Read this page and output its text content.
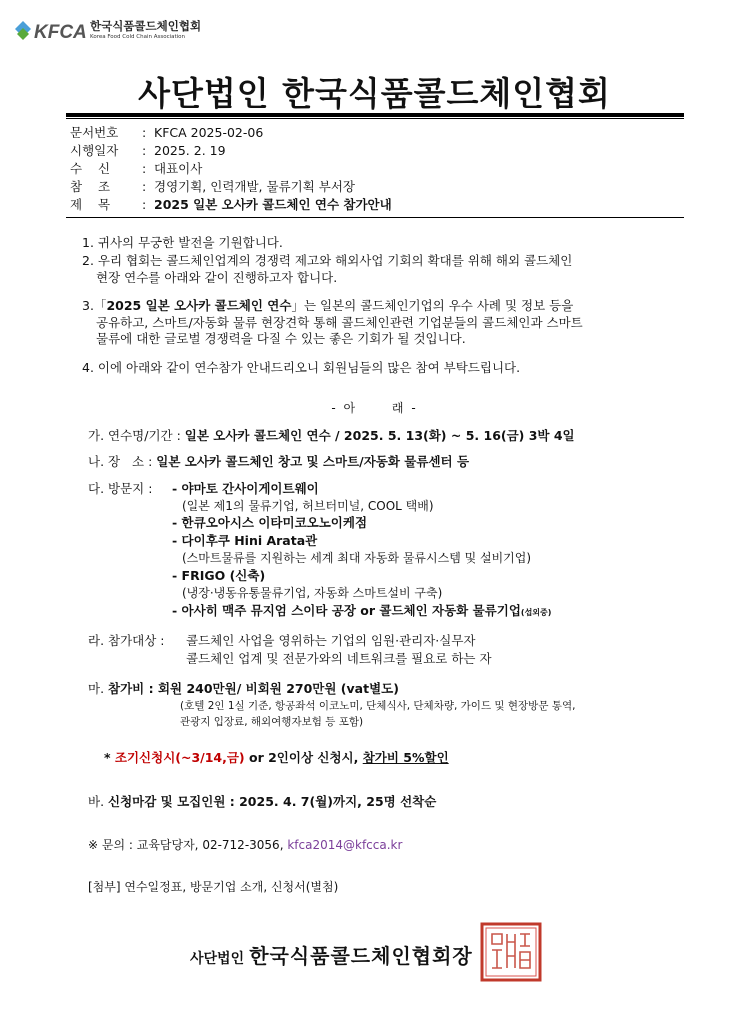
KFCA 한국식품콜드체인협회
Korea Food Cold Chain Association
사단법인 한국식품콜드체인협회
문서번호 : KFCA 2025-02-06
시행일자 : 2025. 2. 19
수    신	: 대표이사
참    조	: 경영기획, 인력개발, 물류기획 부서장
제    목	: 2025 일본 오사카 콜드체인 연수 참가안내
1. 귀사의 무궁한 발전을 기원합니다.
2. 우리 협회는 콜드체인업계의 경쟁력 제고와 해외사업 기회의 확대를 위해 해외 콜드체인
현장 연수를 아래와 같이 진행하고자 합니다.
3.「2025 일본 오사카 콜드체인 연수」는 일본의 콜드체인기업의 우수 사례 및 정보 등을
공유하고, 스마트/자동화 물류 현장견학 통해 콜드체인관련 기업분들의 콜드체인과 스마트
물류에 대한 글로벌 경쟁력을 다질 수 있는 좋은 기회가 될 것입니다.
4. 이에 아래와 같이 연수참가 안내드리오니 회원님들의 많은 참여 부탁드립니다.
- 아      래 -
가. 연수명/기간 : 일본 오사카 콜드체인 연수 / 2025. 5. 13(화) ~ 5. 16(금) 3박 4일
나. 장   소 : 일본 오사카 콜드체인 창고 및 스마트/자동화 물류센터 등
다. 방문지 : - 야마토 간사이게이트웨이
(일본 제1의 물류기업, 허브터미널, COOL 택배)
- 한큐오아시스 이타미코오노이케점
- 다이후쿠 Hini Arata관
(스마트물류를 지원하는 세계 최대 자동화 물류시스템 및 설비기업)
- FRIGO (신축)
(냉장·냉동유통물류기업, 자동화 스마트설비 구축)
- 아사히 맥주 뮤지엄 스이타 공장 or 콜드체인 자동화 물류기업(섭외중)
라. 참가대상 : 콜드체인 사업을 영위하는 기업의 임원·관리자·실무자
콜드체인 업계 및 전문가와의 네트워크를 필요로 하는 자
마. 참가비 : 회원 240만원/ 비회원 270만원 (vat별도)
(호텔 2인 1실 기준, 항공좌석 이코노미, 단체식사, 단체차량, 가이드 및 현장방문 통역,
관광지 입장료, 해외여행자보험 등 포함)
* 조기신청시(~3/14,금) or 2인이상 신청시, 참가비 5%할인
바. 신청마감 및 모집인원 : 2025. 4. 7(월)까지, 25명 선착순
※ 문의 : 교육담당자, 02-712-3056, kfca2014@kfcca.kr
[첨부] 연수일정표, 방문기업 소개, 신청서(별첨)
사단법인 한국식품콜드체인협회장
